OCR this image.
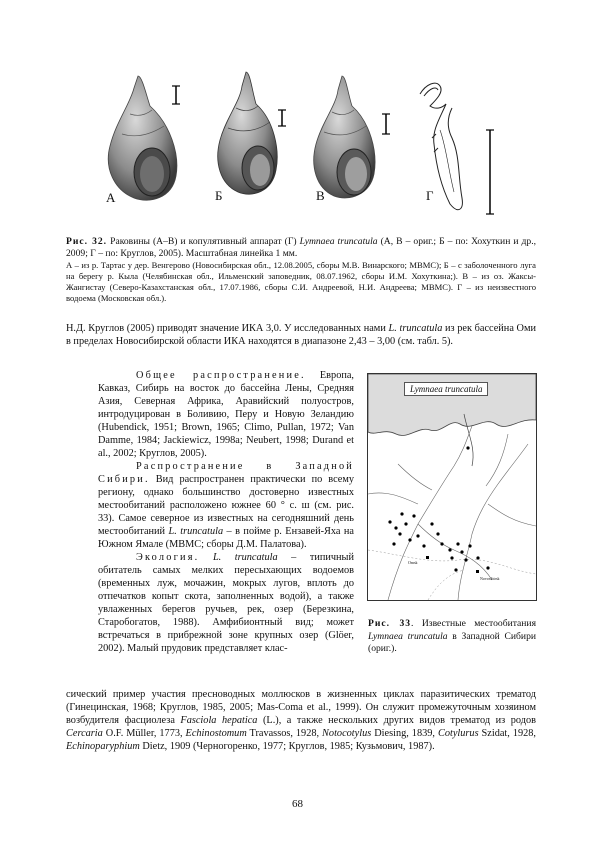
А	Б	В	Г
Рис. 32. Раковины (А–В) и копулятивный аппарат (Г) Lymnaea truncatula (А, В – ориг.; Б – по: Хохуткин и др., 2009; Г – по: Круглов, 2005). Масштабная линейка 1 мм.
А – из р. Тартас у дер. Венгерово (Новосибирская обл., 12.08.2005, сборы М.В. Винарского; МВМС); Б – с заболоченного луга на берегу р. Кыла (Челябинская обл., Ильменский заповедник, 08.07.1962, сборы И.М. Хохуткина;). В – из оз. Жаксы-Жангистау (Северо-Казахстанская обл., 17.07.1986, сборы С.И. Андреевой, Н.И. Андреева; МВМС). Г – из неизвестного водоема (Московская обл.).
Н.Д. Круглов (2005) приводят значение ИКА 3,0. У исследованных нами L. truncatula из рек бассейна Оми в пределах Новосибирской области ИКА находятся в диапазоне 2,43 – 3,00 (см. табл. 5).

Общее распространение. Европа, Кавказ, Сибирь на восток до бассейна Лены, Средняя Азия, Северная Африка, Аравийский полуостров, интродуцирован в Боливию, Перу и Новую Зеландию (Hubendick, 1951; Brown, 1965; Climo, Pullan, 1972; Van Damme, 1984; Jackiewicz, 1998a; Neubert, 1998; Durand et al., 2002; Круглов, 2005).

Распространение в Западной Сибири. Вид распространен практически по всему региону, однако большинство достоверно известных местообитаний расположено южнее 60 ° с. ш (см. рис. 33). Самое северное из известных на сегодняшний день местообитаний L. truncatula – в пойме р. Ензавей-Яха на Южном Ямале (МВМС; сборы Д.М. Палатова).

Экология. L. truncatula – типичный обитатель самых мелких пересыхающих водоемов (временных луж, мочажин, мокрых лугов, вплоть до отпечатков копыт скота, заполненных водой), а также увлаженных берегов ручьев, рек, озер (Березкина, Старобогатов, 1988). Амфибионтный вид; может встречаться в прибрежной зоне крупных озер (Glöer, 2002). Малый прудовик представляет клас-

Lymnaea truncatula
Omsk
Novosibirsk
Рис. 33. Известные местообитания Lymnaea truncatula в Западной Сибири (ориг.).

сический пример участия пресноводных моллюсков в жизненных циклах паразитических трематод (Гинецинская, 1968; Круглов, 1985, 2005; Mas-Coma et al., 1999). Он служит промежуточным хозяином возбудителя фасциолеза Fasciola hepatica (L.), а также нескольких других видов трематод из родов Cercaria O.F. Müller, 1773, Echinostomum Travassos, 1928, Notocotylus Diesing, 1839, Cotylurus Szidat, 1928, Echinoparyphium Dietz, 1909 (Черногоренко, 1977; Круглов, 1985; Кузьмович, 1987).

68
